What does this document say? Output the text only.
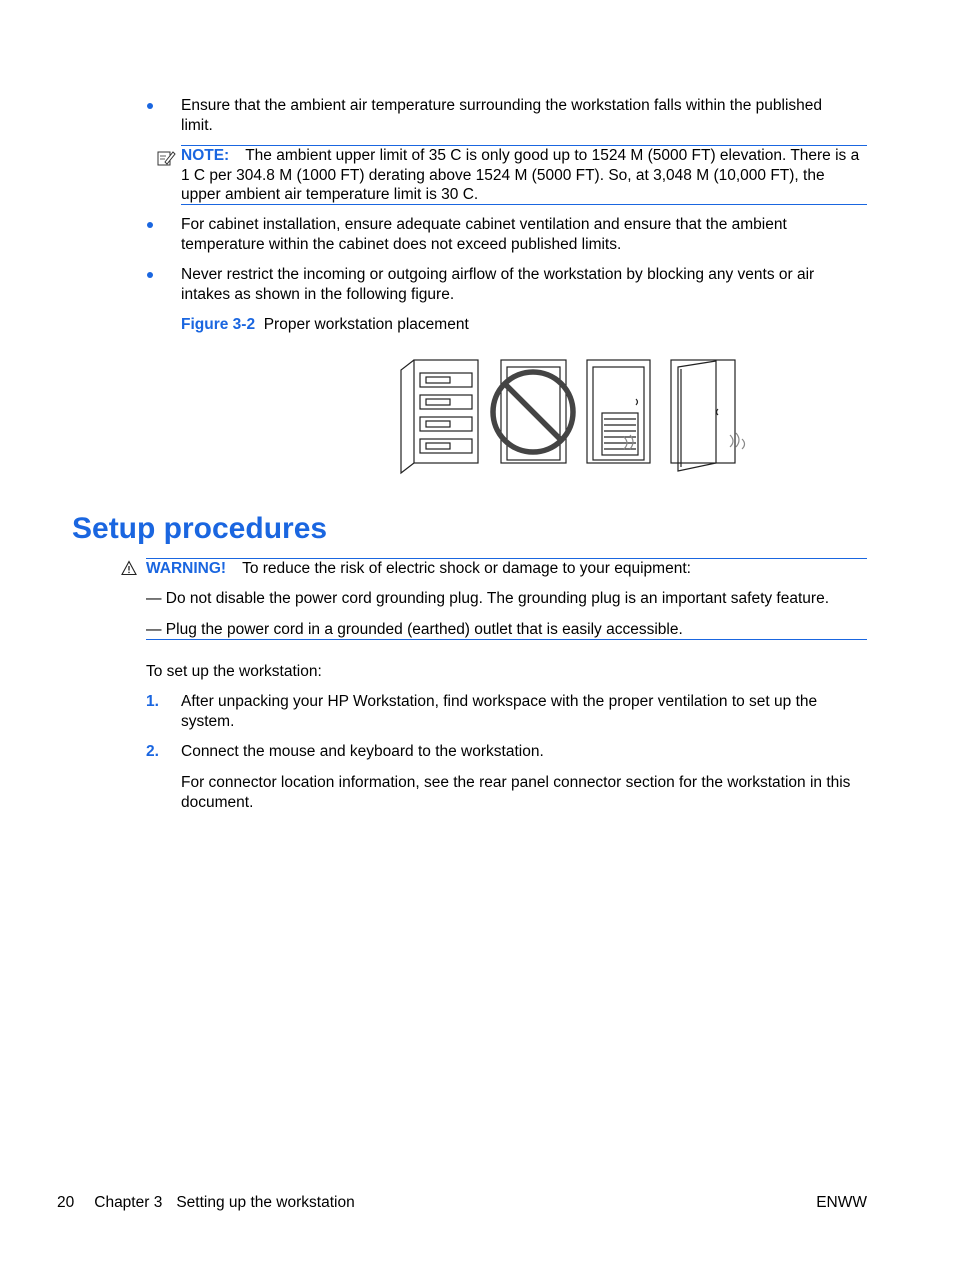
Ensure that the ambient air temperature surrounding the workstation falls within the published limit.
NOTE: The ambient upper limit of 35 C is only good up to 1524 M (5000 FT) elevation. There is a 1 C per 304.8 M (1000 FT) derating above 1524 M (5000 FT). So, at 3,048 M (10,000 FT), the upper ambient air temperature limit is 30 C.
For cabinet installation, ensure adequate cabinet ventilation and ensure that the ambient temperature within the cabinet does not exceed published limits.
Never restrict the incoming or outgoing airflow of the workstation by blocking any vents or air intakes as shown in the following figure.
Figure 3-2 Proper workstation placement
Setup procedures
WARNING! To reduce the risk of electric shock or damage to your equipment:
— Do not disable the power cord grounding plug. The grounding plug is an important safety feature.
— Plug the power cord in a grounded (earthed) outlet that is easily accessible.
To set up the workstation:
1. After unpacking your HP Workstation, find workspace with the proper ventilation to set up the system.
2. Connect the mouse and keyboard to the workstation.
For connector location information, see the rear panel connector section for the workstation in this document.
20 Chapter 3 Setting up the workstation	ENWW
